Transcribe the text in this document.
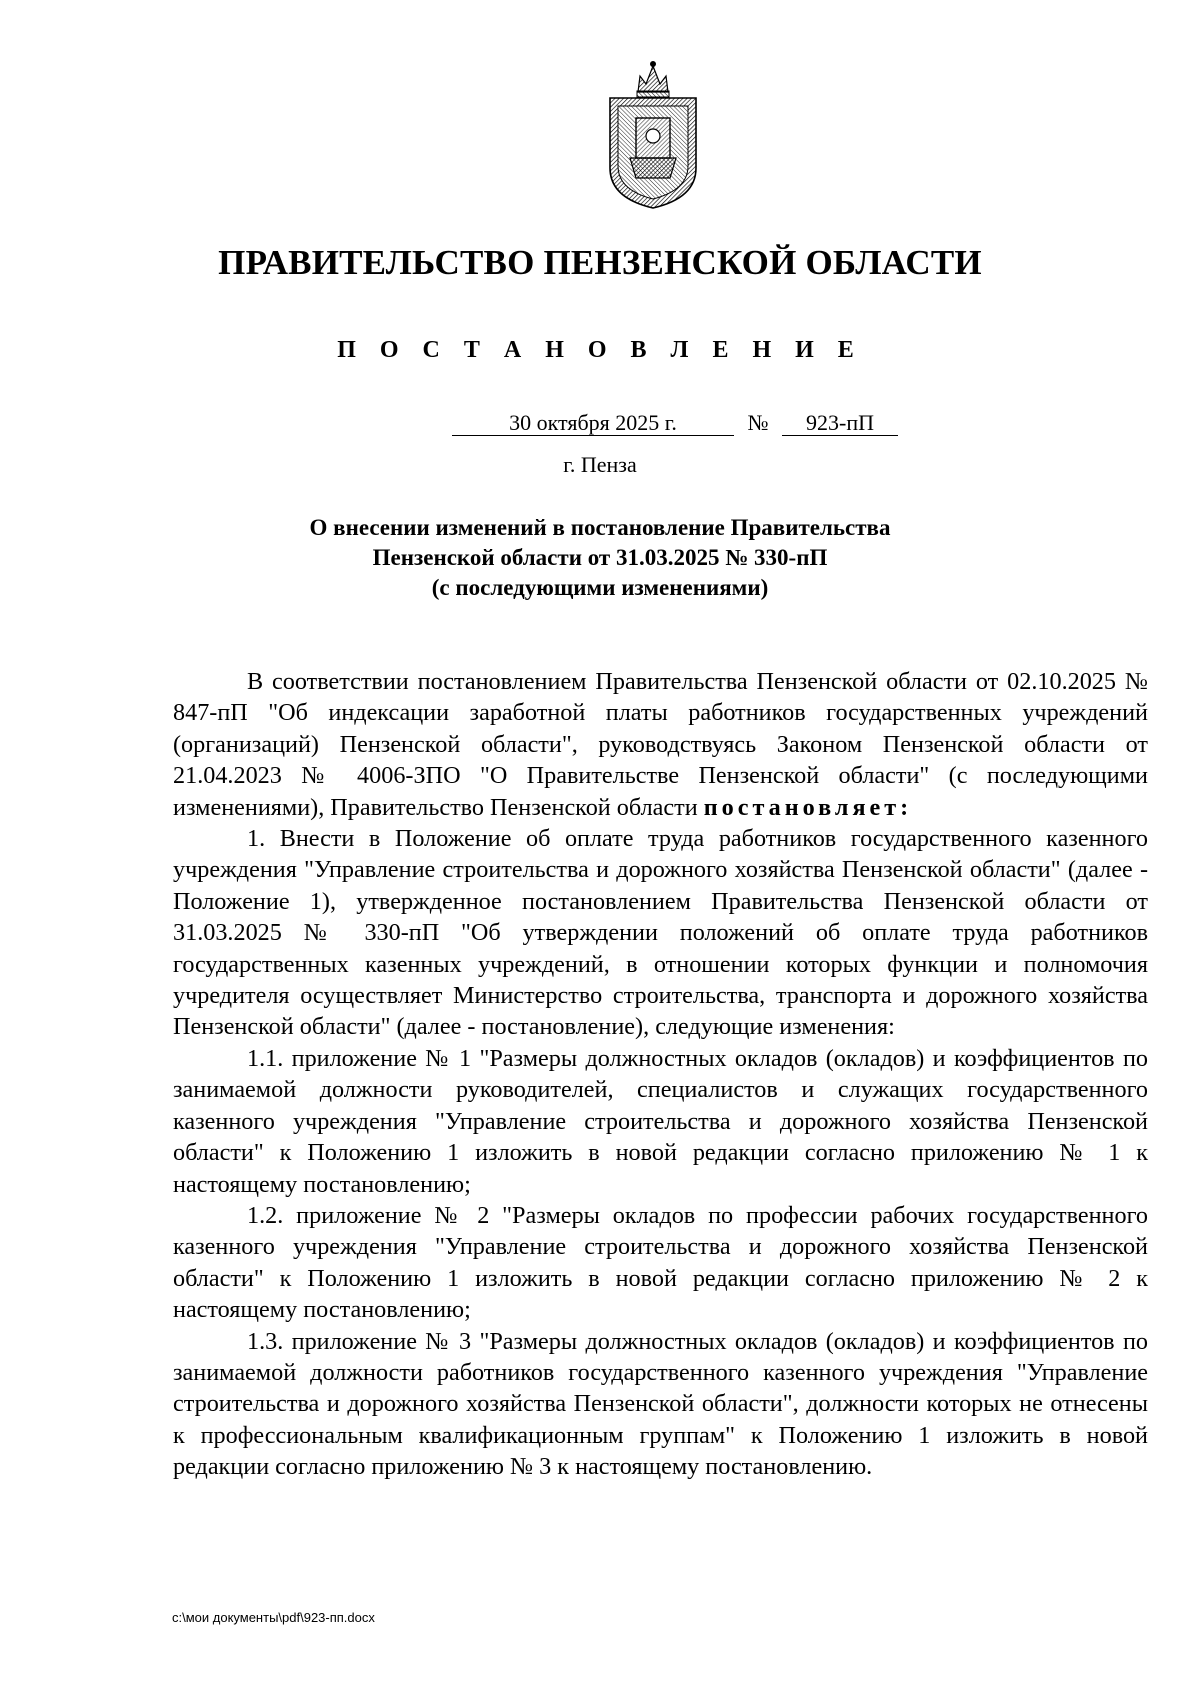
ПРАВИТЕЛЬСТВО ПЕНЗЕНСКОЙ ОБЛАСТИ
П О С Т А Н О В Л Е Н И Е
30 октября 2025 г.	№ 923-пП
г. Пенза
О внесении изменений в постановление Правительства
Пензенской области от 31.03.2025 № 330-пП
(с последующими изменениями)

В соответствии постановлением Правительства Пензенской области от 02.10.2025 № 847-пП "Об индексации заработной платы работников государственных учреждений (организаций) Пензенской области", руководствуясь Законом Пензенской области от 21.04.2023 № 4006-ЗПО "О Правительстве Пензенской области" (с последующими изменениями), Правительство Пензенской области постановляет:

1. Внести в Положение об оплате труда работников государственного казенного учреждения "Управление строительства и дорожного хозяйства Пензенской области" (далее - Положение 1), утвержденное постановлением Правительства Пензенской области от 31.03.2025 № 330-пП "Об утверждении положений об оплате труда работников государственных казенных учреждений, в отношении которых функции и полномочия учредителя осуществляет Министерство строительства, транспорта и дорожного хозяйства Пензенской области" (далее - постановление), следующие изменения:

1.1. приложение № 1 "Размеры должностных окладов (окладов) и коэффициентов по занимаемой должности руководителей, специалистов и служащих государственного казенного учреждения "Управление строительства и дорожного хозяйства Пензенской области" к Положению 1 изложить в новой редакции согласно приложению № 1 к настоящему постановлению;

1.2. приложение № 2 "Размеры окладов по профессии рабочих государственного казенного учреждения "Управление строительства и дорожного хозяйства Пензенской области" к Положению 1 изложить в новой редакции согласно приложению № 2 к настоящему постановлению;

1.3. приложение № 3 "Размеры должностных окладов (окладов) и коэффициентов по занимаемой должности работников государственного казенного учреждения "Управление строительства и дорожного хозяйства Пензенской области", должности которых не отнесены к профессиональным квалификационным группам" к Положению 1 изложить в новой редакции согласно приложению № 3 к настоящему постановлению.

c:\мои документы\pdf\923-пп.docx
